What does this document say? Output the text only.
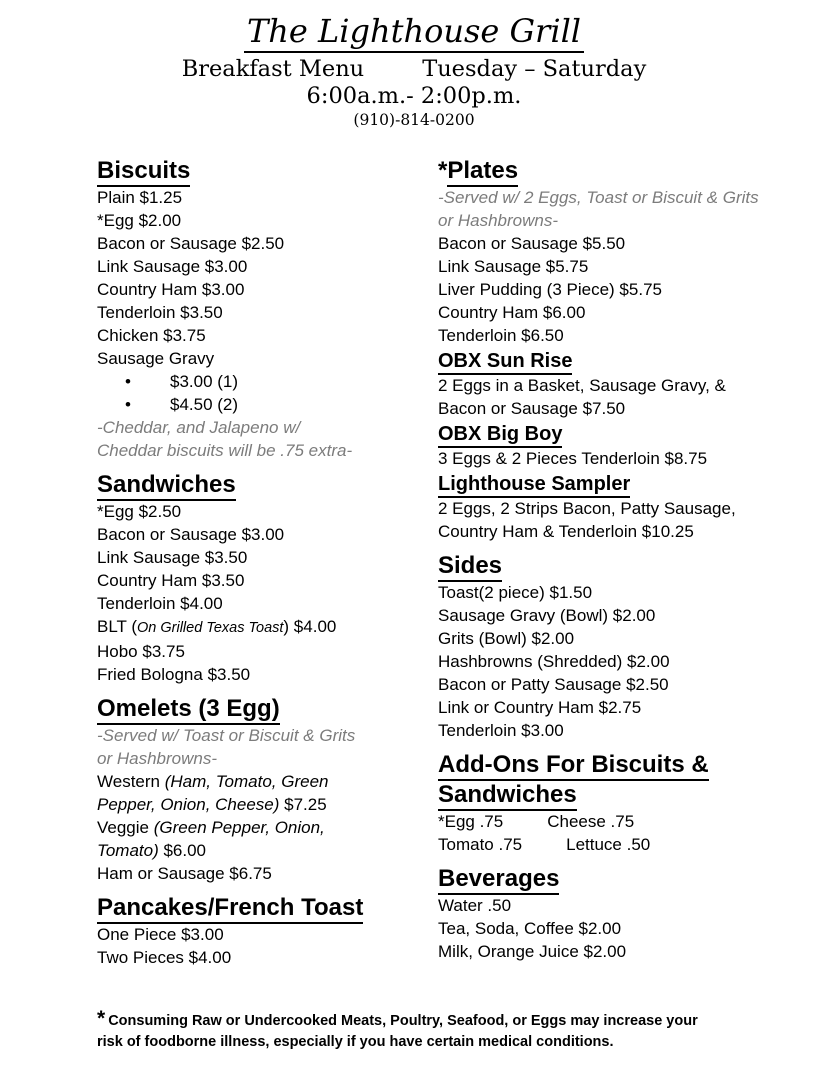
The Lighthouse Grill
Breakfast Menu	Tuesday – Saturday
6:00a.m.- 2:00p.m.
(910)-814-0200
Biscuits
Plain $1.25
*Egg $2.00
Bacon or Sausage $2.50
Link Sausage $3.00
Country Ham $3.00
Tenderloin $3.50
Chicken $3.75
Sausage Gravy
• $3.00 (1)
• $4.50 (2)
-Cheddar, and Jalapeno w/ Cheddar biscuits will be .75 extra-
Sandwiches
*Egg $2.50
Bacon or Sausage $3.00
Link Sausage $3.50
Country Ham $3.50
Tenderloin $4.00
BLT (On Grilled Texas Toast) $4.00
Hobo $3.75
Fried Bologna $3.50
Omelets (3 Egg)
-Served w/ Toast or Biscuit & Grits or Hashbrowns-
Western (Ham, Tomato, Green Pepper, Onion, Cheese) $7.25
Veggie (Green Pepper, Onion, Tomato) $6.00
Ham or Sausage $6.75
Pancakes/French Toast
One Piece $3.00
Two Pieces $4.00
*Plates
-Served w/ 2 Eggs, Toast or Biscuit & Grits or Hashbrowns-
Bacon or Sausage $5.50
Link Sausage $5.75
Liver Pudding (3 Piece) $5.75
Country Ham $6.00
Tenderloin $6.50
OBX Sun Rise
2 Eggs in a Basket, Sausage Gravy, & Bacon or Sausage $7.50
OBX Big Boy
3 Eggs & 2 Pieces Tenderloin $8.75
Lighthouse Sampler
2 Eggs, 2 Strips Bacon, Patty Sausage, Country Ham & Tenderloin $10.25
Sides
Toast(2 piece) $1.50
Sausage Gravy (Bowl) $2.00
Grits (Bowl) $2.00
Hashbrowns (Shredded) $2.00
Bacon or Patty Sausage $2.50
Link or Country Ham $2.75
Tenderloin $3.00
Add-Ons For Biscuits & Sandwiches
*Egg .75	Cheese .75
Tomato .75	Lettuce .50
Beverages
Water .50
Tea, Soda, Coffee $2.00
Milk, Orange Juice $2.00
* Consuming Raw or Undercooked Meats, Poultry, Seafood, or Eggs may increase your risk of foodborne illness, especially if you have certain medical conditions.
